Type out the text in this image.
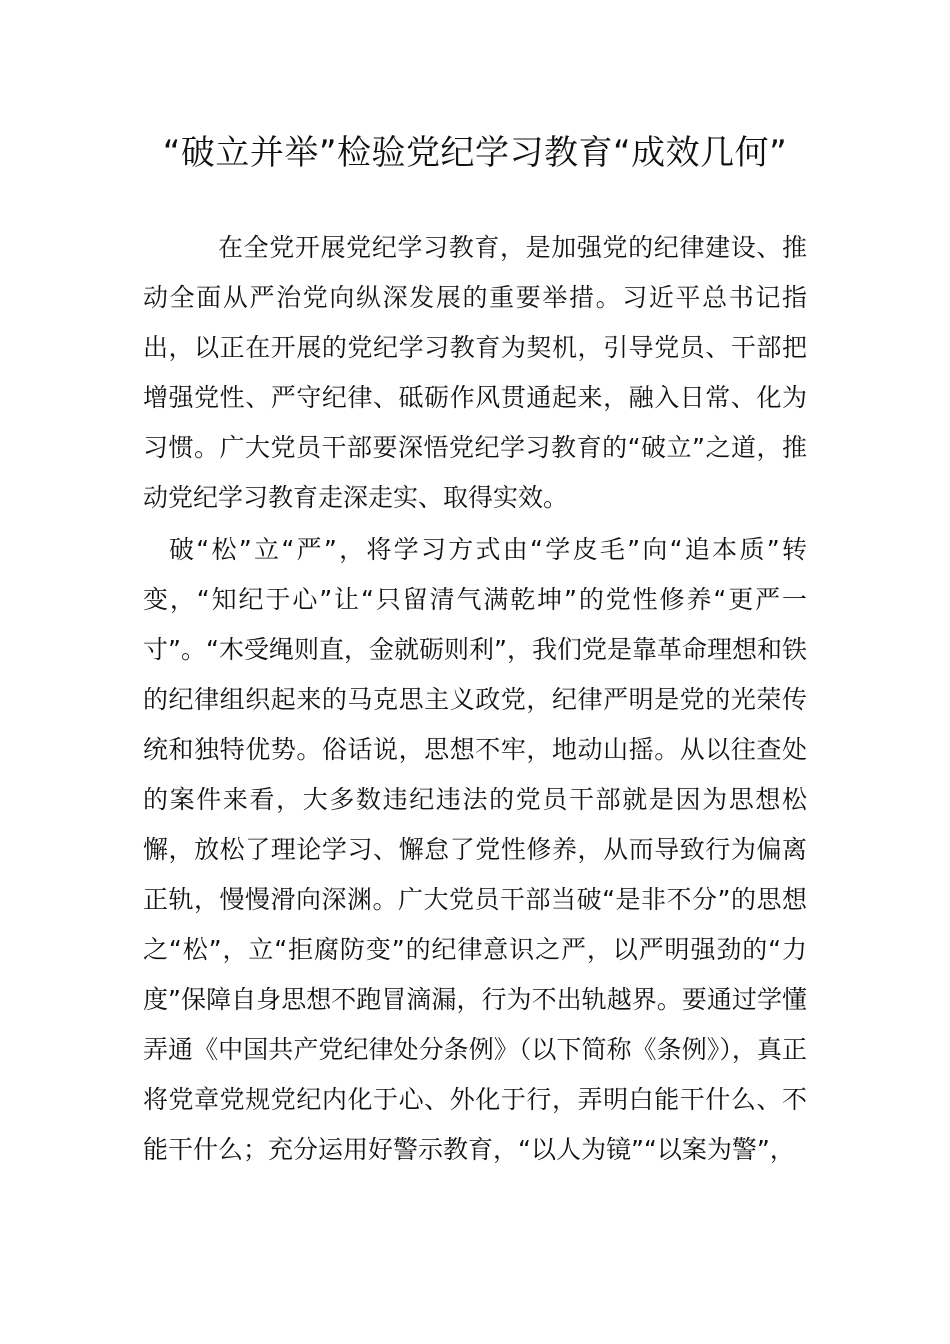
“破立并举”检验党纪学习教育“成效几何”

在全党开展党纪学习教育，是加强党的纪律建设、推动全面从严治党向纵深发展的重要举措。习近平总书记指出，以正在开展的党纪学习教育为契机，引导党员、干部把增强党性、严守纪律、砥砺作风贯通起来，融入日常、化为习惯。广大党员干部要深悟党纪学习教育的“破立”之道，推动党纪学习教育走深走实、取得实效。

破“松”立“严”，将学习方式由“学皮毛”向“追本质”转变，“知纪于心”让“只留清气满乾坤”的党性修养“更严一寸”。“木受绳则直，金就砺则利”，我们党是靠革命理想和铁的纪律组织起来的马克思主义政党，纪律严明是党的光荣传统和独特优势。俗话说，思想不牢，地动山摇。从以往查处的案件来看，大多数违纪违法的党员干部就是因为思想松懈，放松了理论学习、懈怠了党性修养，从而导致行为偏离正轨，慢慢滑向深渊。广大党员干部当破“是非不分”的思想之“松”，立“拒腐防变”的纪律意识之严，以严明强劲的“力度”保障自身思想不跑冒滴漏，行为不出轨越界。要通过学懂弄通《中国共产党纪律处分条例》（以下简称《条例》），真正将党章党规党纪内化于心、外化于行，弄明白能干什么、不能干什么；充分运用好警示教育，“以人为镜”“以案为警”，
